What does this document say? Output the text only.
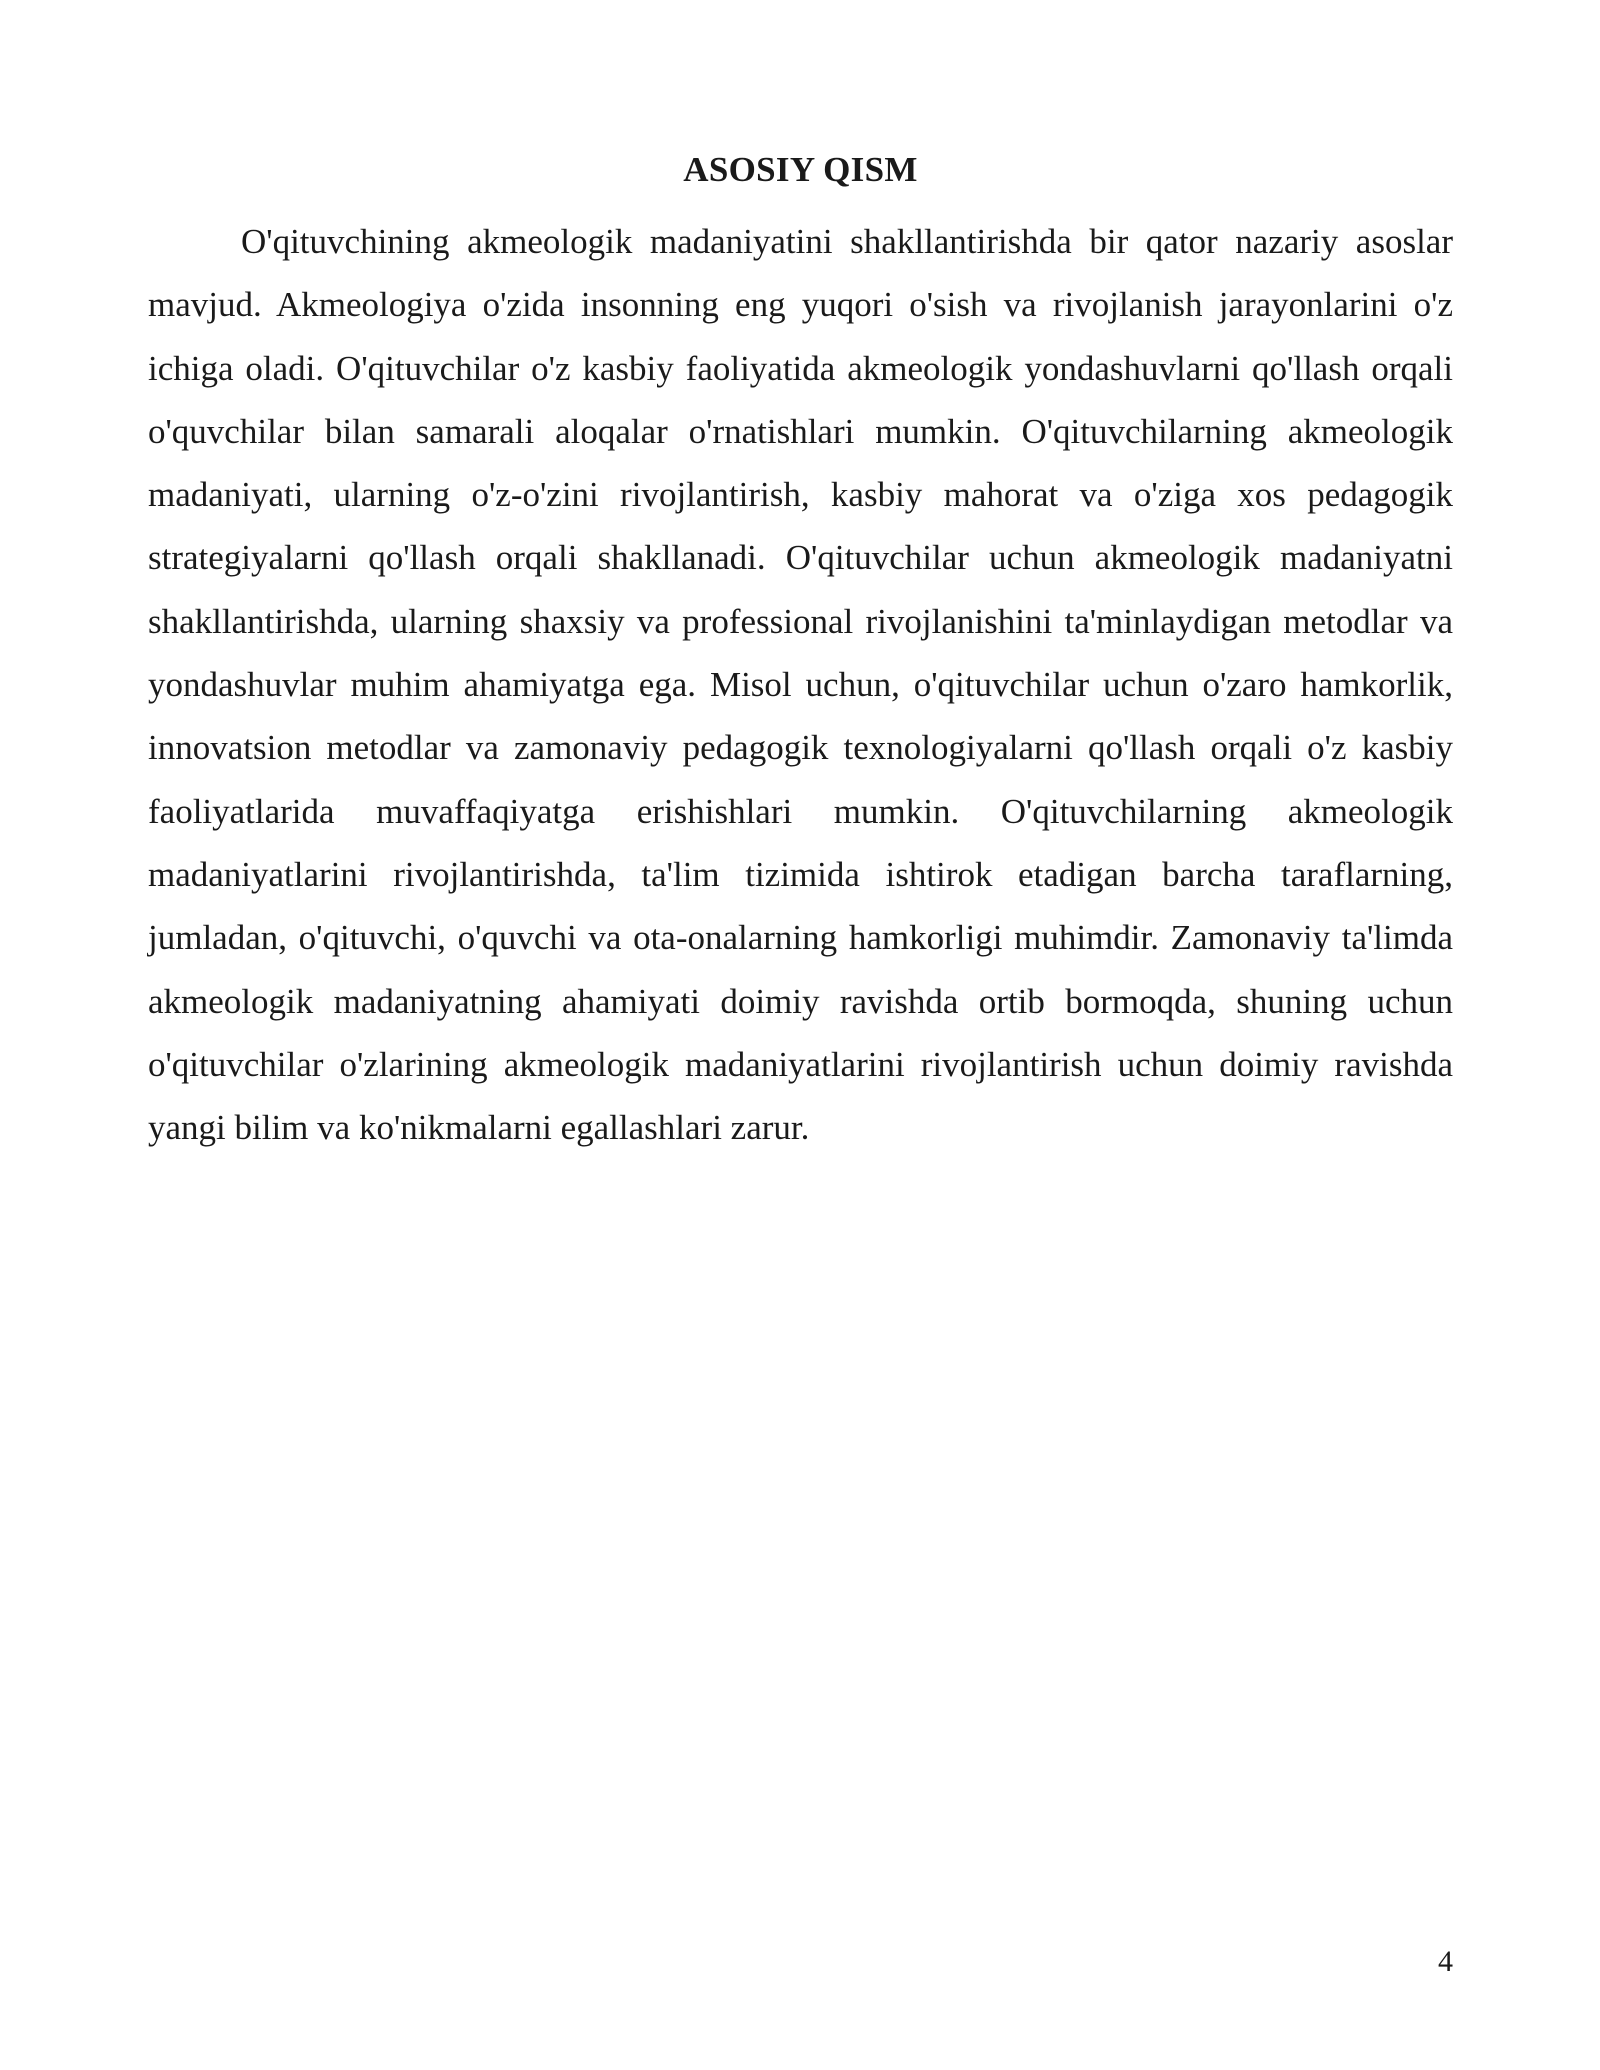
ASOSIY QISM

O'qituvchining akmeologik madaniyatini shakllantirishda bir qator nazariy asoslar mavjud. Akmeologiya o'zida insonning eng yuqori o'sish va rivojlanish jarayonlarini o'z ichiga oladi. O'qituvchilar o'z kasbiy faoliyatida akmeologik yondashuvlarni qo'llash orqali o'quvchilar bilan samarali aloqalar o'rnatishlari mumkin. O'qituvchilarning akmeologik madaniyati, ularning o'z-o'zini rivojlantirish, kasbiy mahorat va o'ziga xos pedagogik strategiyalarni qo'llash orqali shakllanadi. O'qituvchilar uchun akmeologik madaniyatni shakllantirishda, ularning shaxsiy va professional rivojlanishini ta'minlaydigan metodlar va yondashuvlar muhim ahamiyatga ega. Misol uchun, o'qituvchilar uchun o'zaro hamkorlik, innovatsion metodlar va zamonaviy pedagogik texnologiyalarni qo'llash orqali o'z kasbiy faoliyatlarida muvaffaqiyatga erishishlari mumkin. O'qituvchilarning akmeologik madaniyatlarini rivojlantirishda, ta'lim tizimida ishtirok etadigan barcha taraflarning, jumladan, o'qituvchi, o'quvchi va ota-onalarning hamkorligi muhimdir. Zamonaviy ta'limda akmeologik madaniyatning ahamiyati doimiy ravishda ortib bormoqda, shuning uchun o'qituvchilar o'zlarining akmeologik madaniyatlarini rivojlantirish uchun doimiy ravishda yangi bilim va ko'nikmalarni egallashlari zarur.

4
